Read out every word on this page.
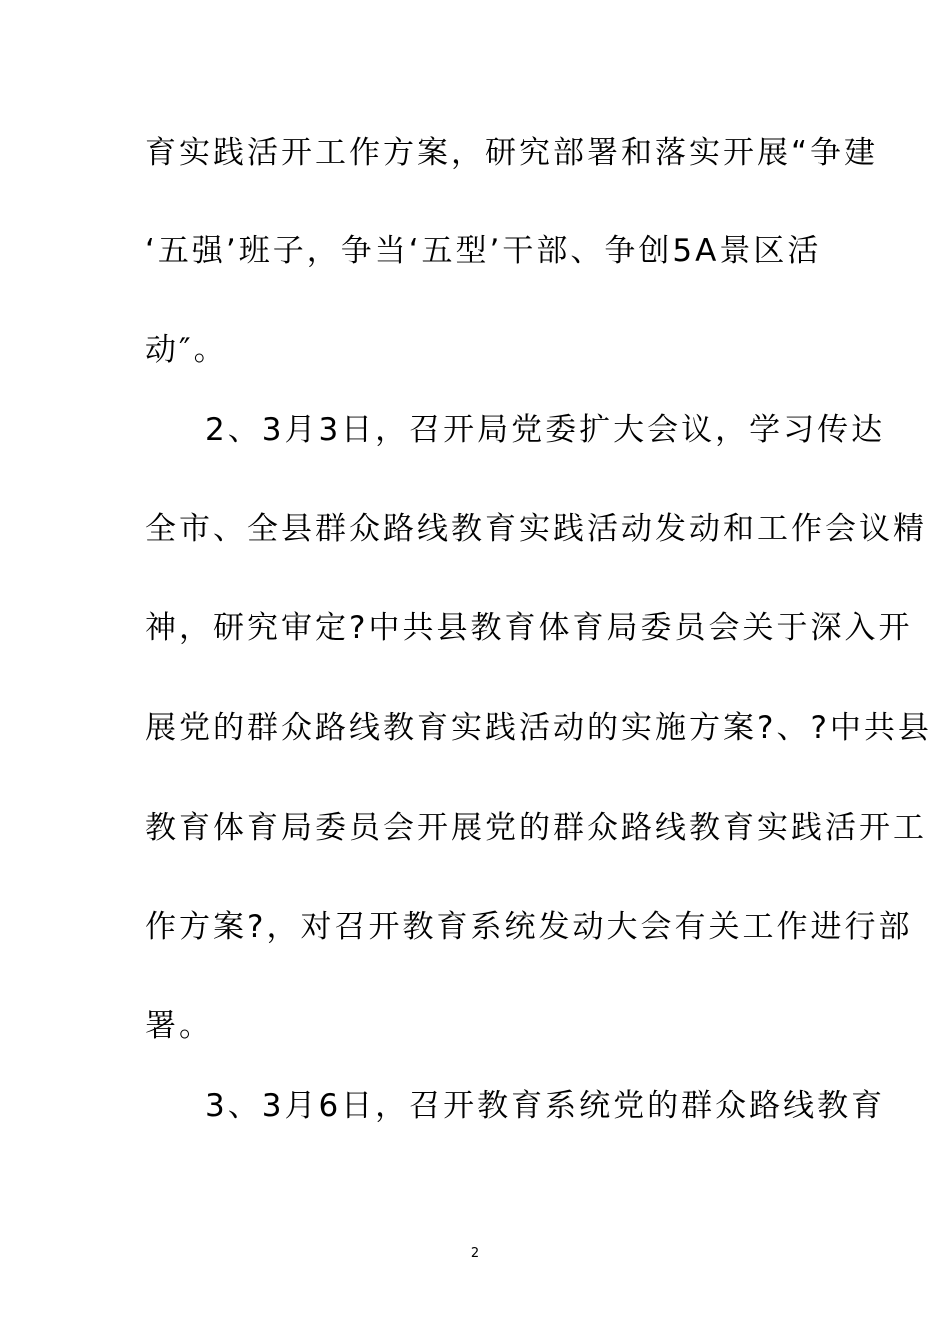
育实践活开工作方案，研究部署和落实开展“争建
‘五强’班子，争当‘五型’干部、争创5A景区活
动″。
2、3月3日，召开局党委扩大会议，学习传达
全市、全县群众路线教育实践活动发动和工作会议精
神，研究审定?中共县教育体育局委员会关于深入开
展党的群众路线教育实践活动的实施方案?、?中共县
教育体育局委员会开展党的群众路线教育实践活开工
作方案?，对召开教育系统发动大会有关工作进行部
署。
3、3月6日，召开教育系统党的群众路线教育
2
